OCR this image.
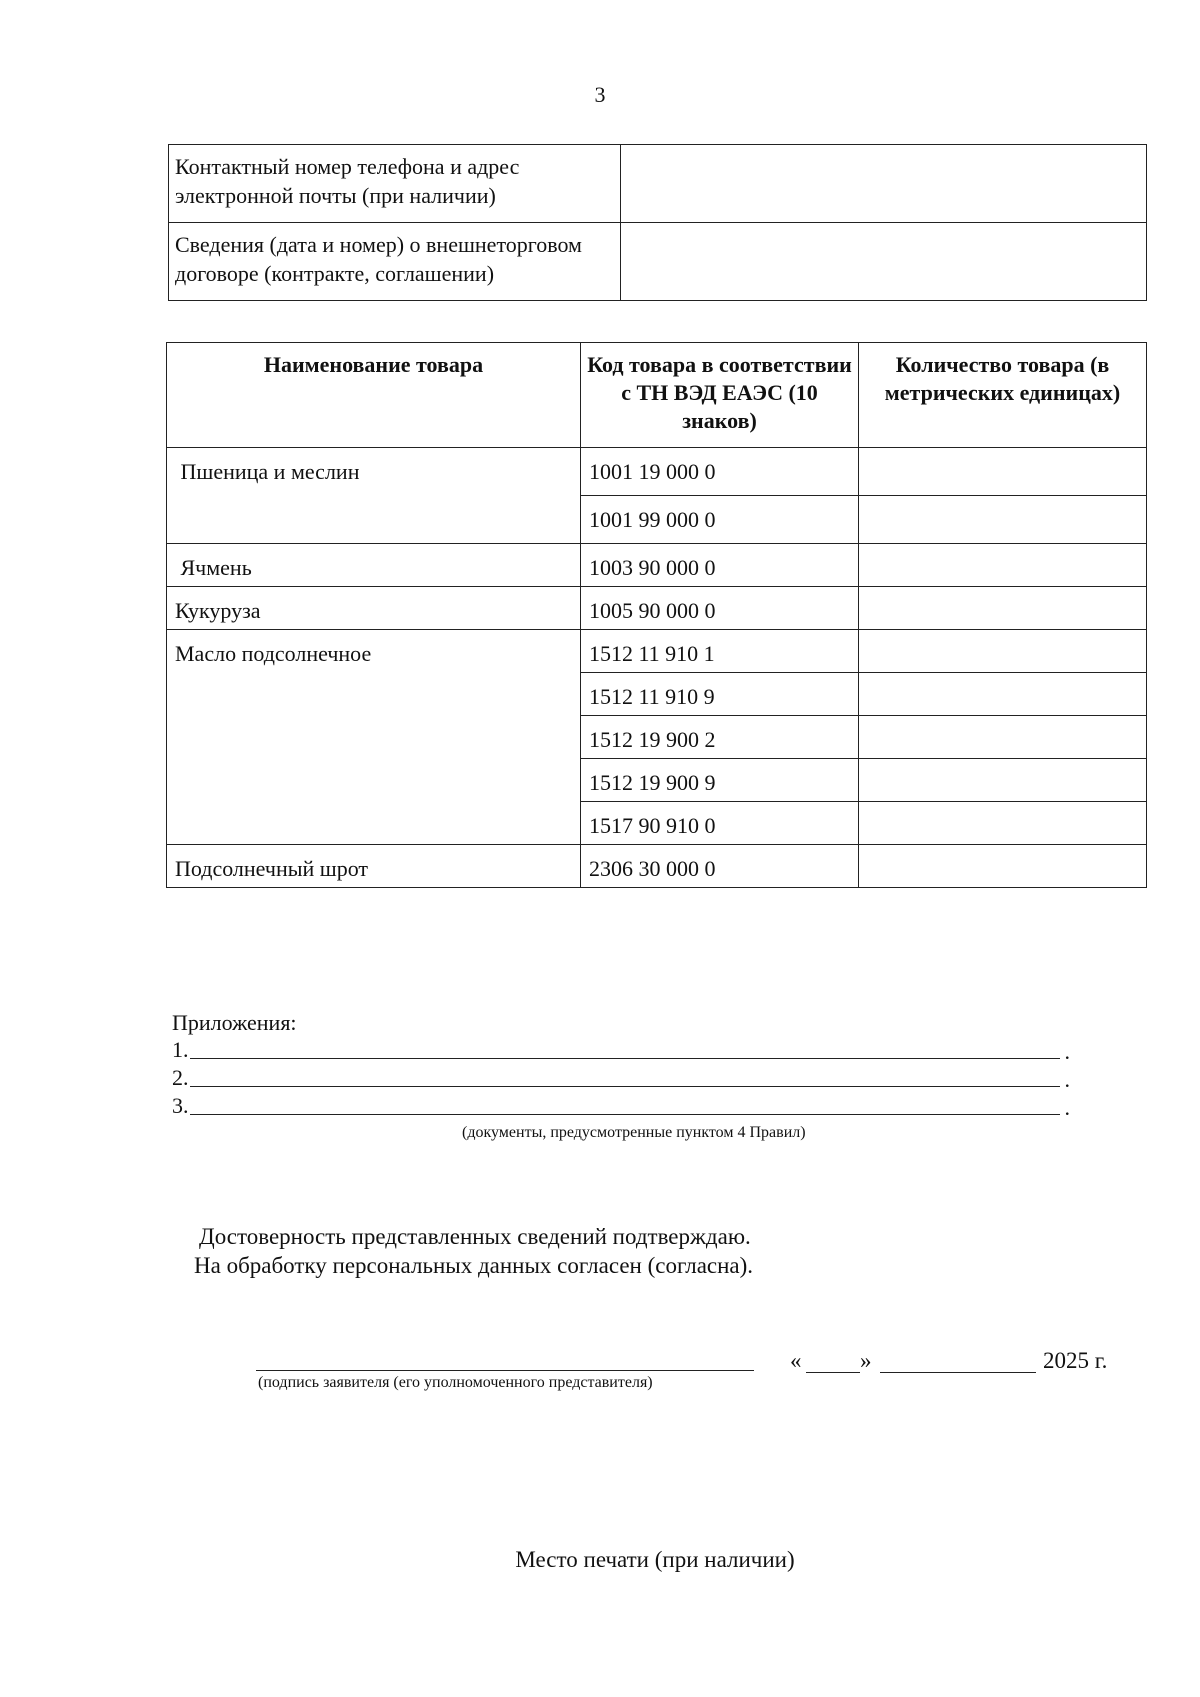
3
Контактный номер телефона и адрес электронной почты (при наличии)	
Сведения (дата и номер) о внешнеторговом договоре (контракте, соглашении)	
Наименование товара	Код товара в соответствии с ТН ВЭД ЕАЭС (10 знаков)	Количество товара (в метрических единицах)
Пшеница и меслин	1001 19 000 0	
	1001 99 000 0	
Ячмень	1003 90 000 0	
Кукуруза	1005 90 000 0	
Масло подсолнечное	1512 11 910 1	
	1512 11 910 9	
	1512 19 900 2	
	1512 19 900 9	
	1517 90 910 0	
Подсолнечный шрот	2306 30 000 0	
Приложения:
1.	.
2.	.
3.	.
(документы, предусмотренные пунктом 4 Правил)
Достоверность представленных сведений подтверждаю.
На обработку персональных данных согласен (согласна).
(подпись заявителя (его уполномоченного представителя)
«	»	2025 г.
Место печати (при наличии)
